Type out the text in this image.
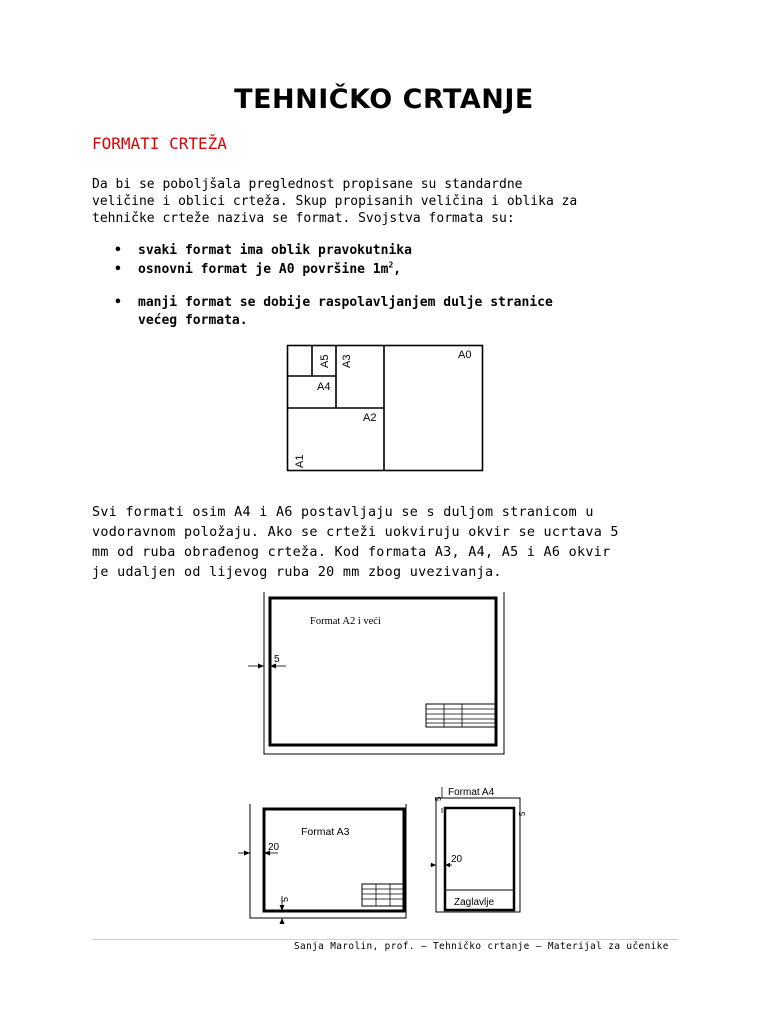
TEHNIČKO CRTANJE
FORMATI CRTEŽA
Da bi se poboljšala preglednost propisane su standardne
veličine i oblici crteža. Skup propisanih veličina i oblika za
tehničke crteže naziva se format. Svojstva formata su:
• svaki format ima oblik pravokutnika
• osnovni format je A0 površine $1m^2$,
• manji format se dobije raspolavljanjem dulje stranice
većeg formata.
A0
A2
A4
A3
A5
A1
Svi formati osim A4 i A6 postavljaju se s duljom stranicom u
vodoravnom položaju. Ako se crteži uokviruju okvir se ucrtava 5
mm od ruba obrađenog crteža. Kod formata A3, A4, A5 i A6 okvir
je udaljen od lijevog ruba 20 mm zbog uvezivanja.
Format A2 i veći
5
Format A3
20
5
Format A4
5
5
20
Zaglavlje
Sanja Marolin, prof. – Tehničko crtanje – Materijal za učenike
